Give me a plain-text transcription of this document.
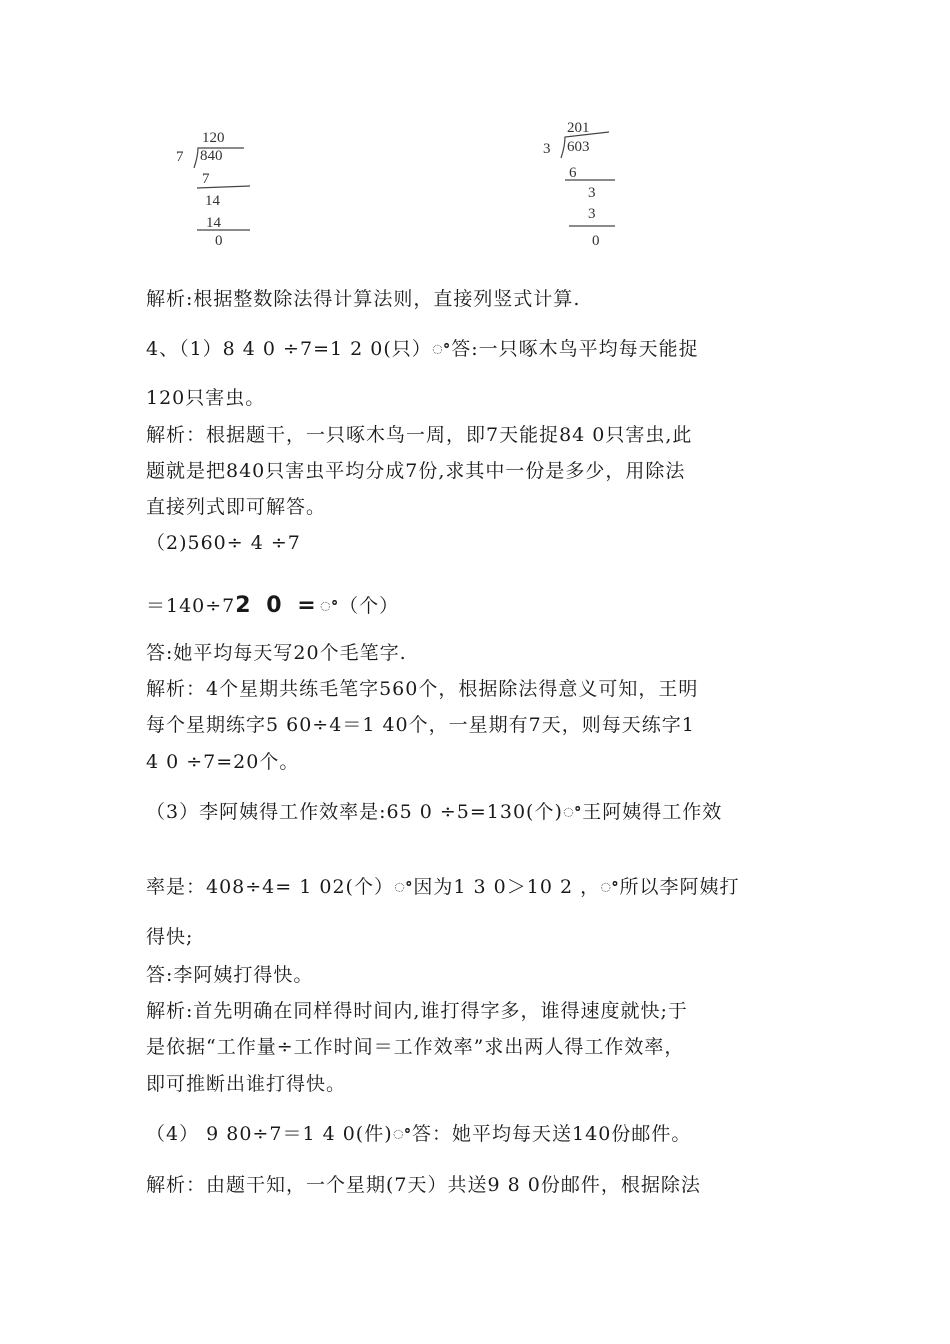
120
7 840
7
14
14
0
201
3 603
6
3
3
0
解析:根据整数除法得计算法则，直接列竖式计算.
4、（1）8 4 0 ÷7=1 2 0(只）ꢀ答:一只啄木鸟平均每天能捉
120只害虫。
解析：根据题干，一只啄木鸟一周，即7天能捉84 0只害虫,此
题就是把840只害虫平均分成7份,求其中一份是多少，用除法
直接列式即可解答。
（2)560÷ 4 ÷7
＝140÷72 0 =ꢀ（个）
答:她平均每天写20个毛笔字.
解析：4个星期共练毛笔字560个，根据除法得意义可知，王明
每个星期练字5 60÷4＝1 40个，一星期有7天，则每天练字1
4 0 ÷7=20个。
（3）李阿姨得工作效率是:65 0 ÷5=130(个)ꢀ王阿姨得工作效
率是：408÷4= 1 02(个）ꢀ因为1 3 0＞10 2 ，ꢀ所以李阿姨打
得快;
答:李阿姨打得快。
解析:首先明确在同样得时间内,谁打得字多，谁得速度就快;于
是依据“工作量÷工作时间＝工作效率”求出两人得工作效率，
即可推断出谁打得快。
（4） 9 80÷7＝1 4 0(件)ꢀ答：她平均每天送140份邮件。
解析：由题干知，一个星期(7天）共送9 8 0份邮件，根据除法
